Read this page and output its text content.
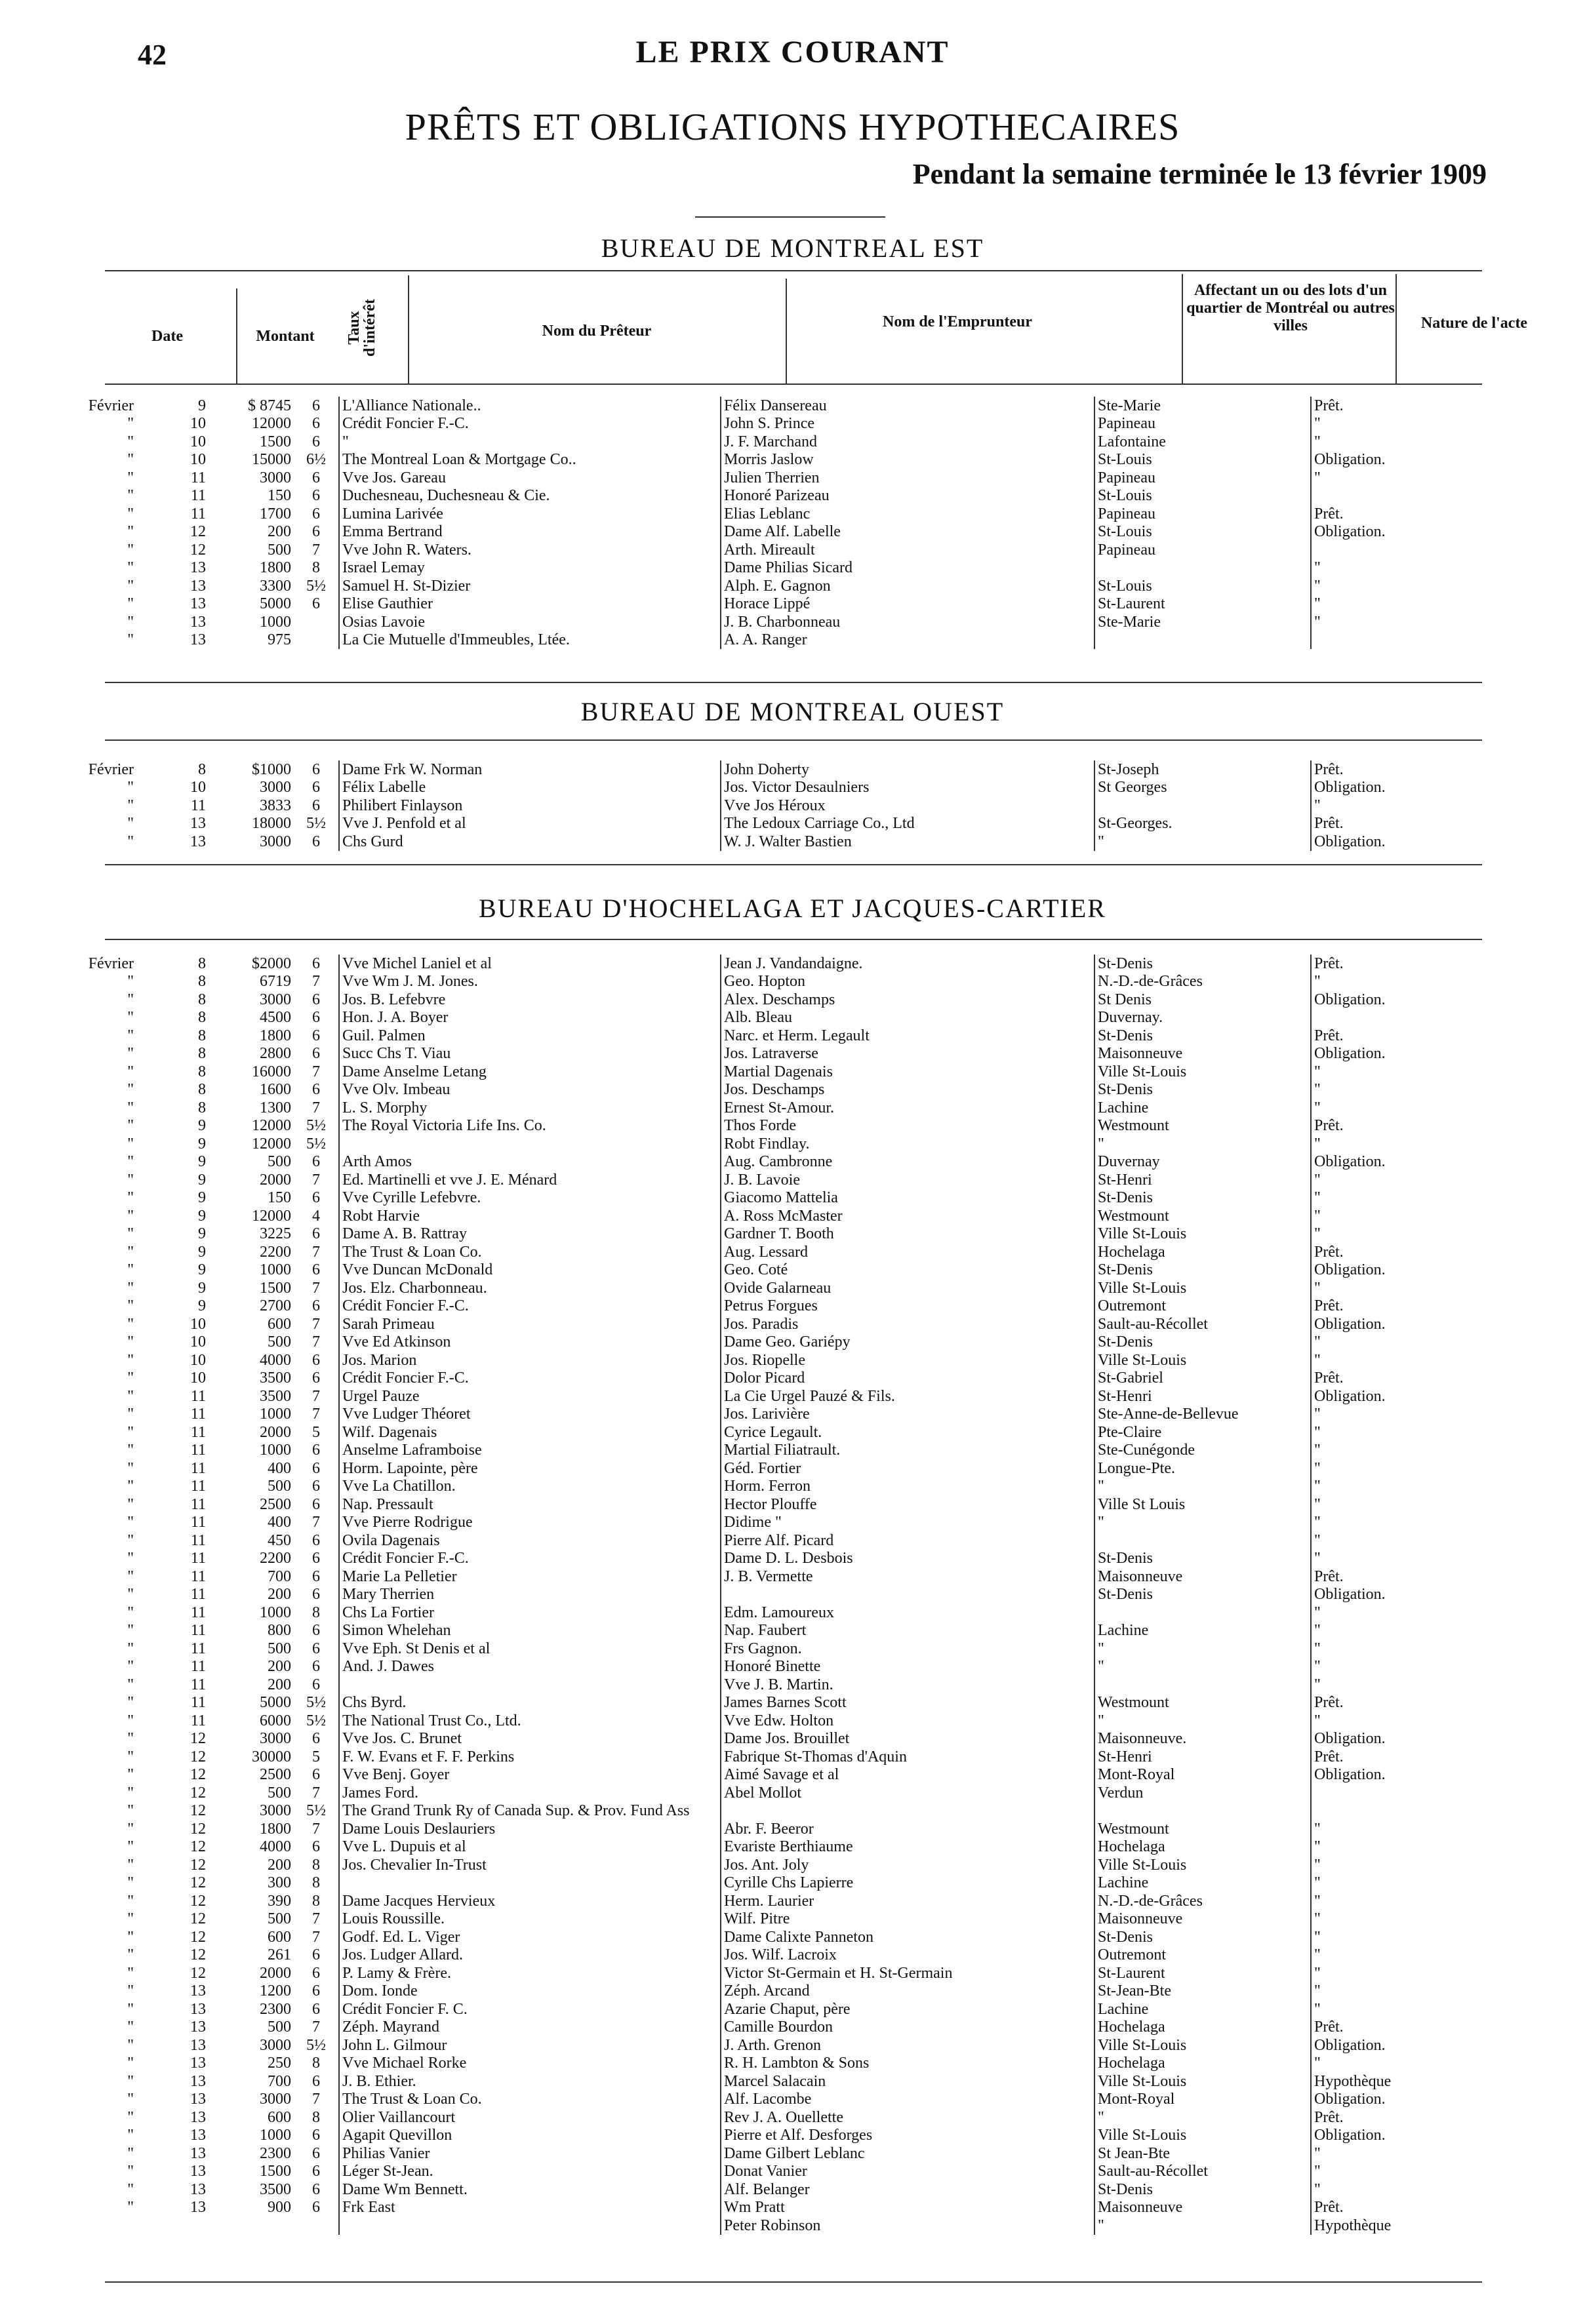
42	LE PRIX COURANT
PRÊTS ET OBLIGATIONS HYPOTHECAIRES
Pendant la semaine terminée le 13 février 1909
BUREAU DE MONTREAL EST
Date	Montant	Taux d'intérêt	Nom du Prêteur
Nom de l'Emprunteur
Affectant un ou des lots d'un quartier de Montréal ou autres villes	Nature de l'acte
Février	9	$ 8745	6	L'Alliance Nationale..	Félix Dansereau	Ste-Marie	Prêt.
"	10	12000	6	Crédit Foncier F.-C.	John S. Prince	Papineau	"
"	10	1500	6	"	J. F. Marchand	Lafontaine	"
"	10	15000	6½	The Montreal Loan & Mortgage Co..	Morris Jaslow	St-Louis	Obligation.
"	11	3000	6	Vve Jos. Gareau	Julien Therrien	Papineau	"
"	11	150	6	Duchesneau, Duchesneau & Cie.	Honoré Parizeau	St-Louis	
"	11	1700	6	Lumina Larivée	Elias Leblanc	Papineau	Prêt.
"	12	200	6	Emma Bertrand	Dame Alf. Labelle	St-Louis	Obligation.
"	12	500	7	Vve John R. Waters.	Arth. Mireault	Papineau	
"	13	1800	8	Israel Lemay	Dame Philias Sicard		"
"	13	3300	5½	Samuel H. St-Dizier	Alph. E. Gagnon	St-Louis	"
"	13	5000	6	Elise Gauthier	Horace Lippé	St-Laurent	"
"	13	1000		Osias Lavoie	J. B. Charbonneau	Ste-Marie	"
"	13	975		La Cie Mutuelle d'Immeubles, Ltée.	A. A. Ranger		
BUREAU DE MONTREAL OUEST
Février	8	$1000	6	Dame Frk W. Norman	John Doherty	St-Joseph	Prêt.
"	10	3000	6	Félix Labelle	Jos. Victor Desaulniers	St Georges	Obligation.
"	11	3833	6	Philibert Finlayson	Vve Jos Héroux		"
"	13	18000	5½	Vve J. Penfold et al	The Ledoux Carriage Co., Ltd	St-Georges.	Prêt.
"	13	3000	6	Chs Gurd	W. J. Walter Bastien	"	Obligation.
BUREAU D'HOCHELAGA ET JACQUES-CARTIER
Février	8	$2000	6	Vve Michel Laniel et al	Jean J. Vandandaigne.	St-Denis	Prêt.
"	8	6719	7	Vve Wm J. M. Jones.	Geo. Hopton	N.-D.-de-Grâces	"
"	8	3000	6	Jos. B. Lefebvre	Alex. Deschamps	St Denis	Obligation.
"	8	4500	6	Hon. J. A. Boyer	Alb. Bleau	Duvernay.	
"	8	1800	6	Guil. Palmen	Narc. et Herm. Legault	St-Denis	Prêt.
"	8	2800	6	Succ Chs T. Viau	Jos. Latraverse	Maisonneuve	Obligation.
"	8	16000	7	Dame Anselme Letang	Martial Dagenais	Ville St-Louis	"
"	8	1600	6	Vve Olv. Imbeau	Jos. Deschamps	St-Denis	"
"	8	1300	7	L. S. Morphy	Ernest St-Amour.	Lachine	"
"	9	12000	5½	The Royal Victoria Life Ins. Co.	Thos Forde	Westmount	Prêt.
"	9	12000	5½		Robt Findlay.	"	"
"	9	500	6	Arth Amos	Aug. Cambronne	Duvernay	Obligation.
"	9	2000	7	Ed. Martinelli et vve J. E. Ménard	J. B. Lavoie	St-Henri	"
"	9	150	6	Vve Cyrille Lefebvre.	Giacomo Mattelia	St-Denis	"
"	9	12000	4	Robt Harvie	A. Ross McMaster	Westmount	"
"	9	3225	6	Dame A. B. Rattray	Gardner T. Booth	Ville St-Louis	"
"	9	2200	7	The Trust & Loan Co.	Aug. Lessard	Hochelaga	Prêt.
"	9	1000	6	Vve Duncan McDonald	Geo. Coté	St-Denis	Obligation.
"	9	1500	7	Jos. Elz. Charbonneau.	Ovide Galarneau	Ville St-Louis	"
"	9	2700	6	Crédit Foncier F.-C.	Petrus Forgues	Outremont	Prêt.
"	10	600	7	Sarah Primeau	Jos. Paradis	Sault-au-Récollet	Obligation.
"	10	500	7	Vve Ed Atkinson	Dame Geo. Gariépy	St-Denis	"
"	10	4000	6	Jos. Marion	Jos. Riopelle	Ville St-Louis	"
"	10	3500	6	Crédit Foncier F.-C.	Dolor Picard	St-Gabriel	Prêt.
"	11	3500	7	Urgel Pauze	La Cie Urgel Pauzé & Fils.	St-Henri	Obligation.
"	11	1000	7	Vve Ludger Théoret	Jos. Larivière	Ste-Anne-de-Bellevue	"
"	11	2000	5	Wilf. Dagenais	Cyrice Legault.	Pte-Claire	"
"	11	1000	6	Anselme Laframboise	Martial Filiatrault.	Ste-Cunégonde	"
"	11	400	6	Horm. Lapointe, père	Géd. Fortier	Longue-Pte.	"
"	11	500	6	Vve La Chatillon.	Horm. Ferron	"	"
"	11	2500	6	Nap. Pressault	Hector Plouffe	Ville St Louis	"
"	11	400	7	Vve Pierre Rodrigue	Didime "	"	"
"	11	450	6	Ovila Dagenais	Pierre Alf. Picard		"
"	11	2200	6	Crédit Foncier F.-C.	Dame D. L. Desbois	St-Denis	"
"	11	700	6	Marie La Pelletier	J. B. Vermette	Maisonneuve	Prêt.
"	11	200	6	Mary Therrien		St-Denis	Obligation.
"	11	1000	8	Chs La Fortier	Edm. Lamoureux		"
"	11	800	6	Simon Whelehan	Nap. Faubert	Lachine	"
"	11	500	6	Vve Eph. St Denis et al	Frs Gagnon.	"	"
"	11	200	6	And. J. Dawes	Honoré Binette	"	"
"	11	200	6		Vve J. B. Martin.		"
"	11	5000	5½	Chs Byrd.	James Barnes Scott	Westmount	Prêt.
"	11	6000	5½	The National Trust Co., Ltd.	Vve Edw. Holton	"	"
"	12	3000	6	Vve Jos. C. Brunet	Dame Jos. Brouillet	Maisonneuve.	Obligation.
"	12	30000	5	F. W. Evans et F. F. Perkins	Fabrique St-Thomas d'Aquin	St-Henri	Prêt.
"	12	2500	6	Vve Benj. Goyer	Aimé Savage et al	Mont-Royal	Obligation.
"	12	500	7	James Ford.	Abel Mollot	Verdun	
"	12	3000	5½	The Grand Trunk Ry of Canada Sup. & Prov. Fund Ass			
"	12	1800	7	Dame Louis Deslauriers	Abr. F. Beeror	Westmount	"
"	12	4000	6	Vve L. Dupuis et al	Evariste Berthiaume	Hochelaga	"
"	12	200	8	Jos. Chevalier In-Trust	Jos. Ant. Joly	Ville St-Louis	"
"	12	300	8		Cyrille Chs Lapierre	Lachine	"
"	12	390	8	Dame Jacques Hervieux	Herm. Laurier	N.-D.-de-Grâces	"
"	12	500	7	Louis Roussille.	Wilf. Pitre	Maisonneuve	"
"	12	600	7	Godf. Ed. L. Viger	Dame Calixte Panneton	St-Denis	"
"	12	261	6	Jos. Ludger Allard.	Jos. Wilf. Lacroix	Outremont	"
"	12	2000	6	P. Lamy & Frère.	Victor St-Germain et H. St-Germain	St-Laurent	"
"	13	1200	6	Dom. Ionde	Zéph. Arcand	St-Jean-Bte	"
"	13	2300	6	Crédit Foncier F. C.	Azarie Chaput, père	Lachine	"
"	13	500	7	Zéph. Mayrand	Camille Bourdon	Hochelaga	Prêt.
"	13	3000	5½	John L. Gilmour	J. Arth. Grenon	Ville St-Louis	Obligation.
"	13	250	8	Vve Michael Rorke	R. H. Lambton & Sons	Hochelaga	"
"	13	700	6	J. B. Ethier.	Marcel Salacain	Ville St-Louis	Hypothèque
"	13	3000	7	The Trust & Loan Co.	Alf. Lacombe	Mont-Royal	Obligation.
"	13	600	8	Olier Vaillancourt	Rev J. A. Ouellette	"	Prêt.
"	13	1000	6	Agapit Quevillon	Pierre et Alf. Desforges	Ville St-Louis	Obligation.
"	13	2300	6	Philias Vanier	Dame Gilbert Leblanc	St Jean-Bte	"
"	13	1500	6	Léger St-Jean.	Donat Vanier	Sault-au-Récollet	"
"	13	3500	6	Dame Wm Bennett.	Alf. Belanger	St-Denis	"
"	13	900	6	Frk East	Wm Pratt	Maisonneuve	Prêt.
					Peter Robinson	"	Hypothèque
